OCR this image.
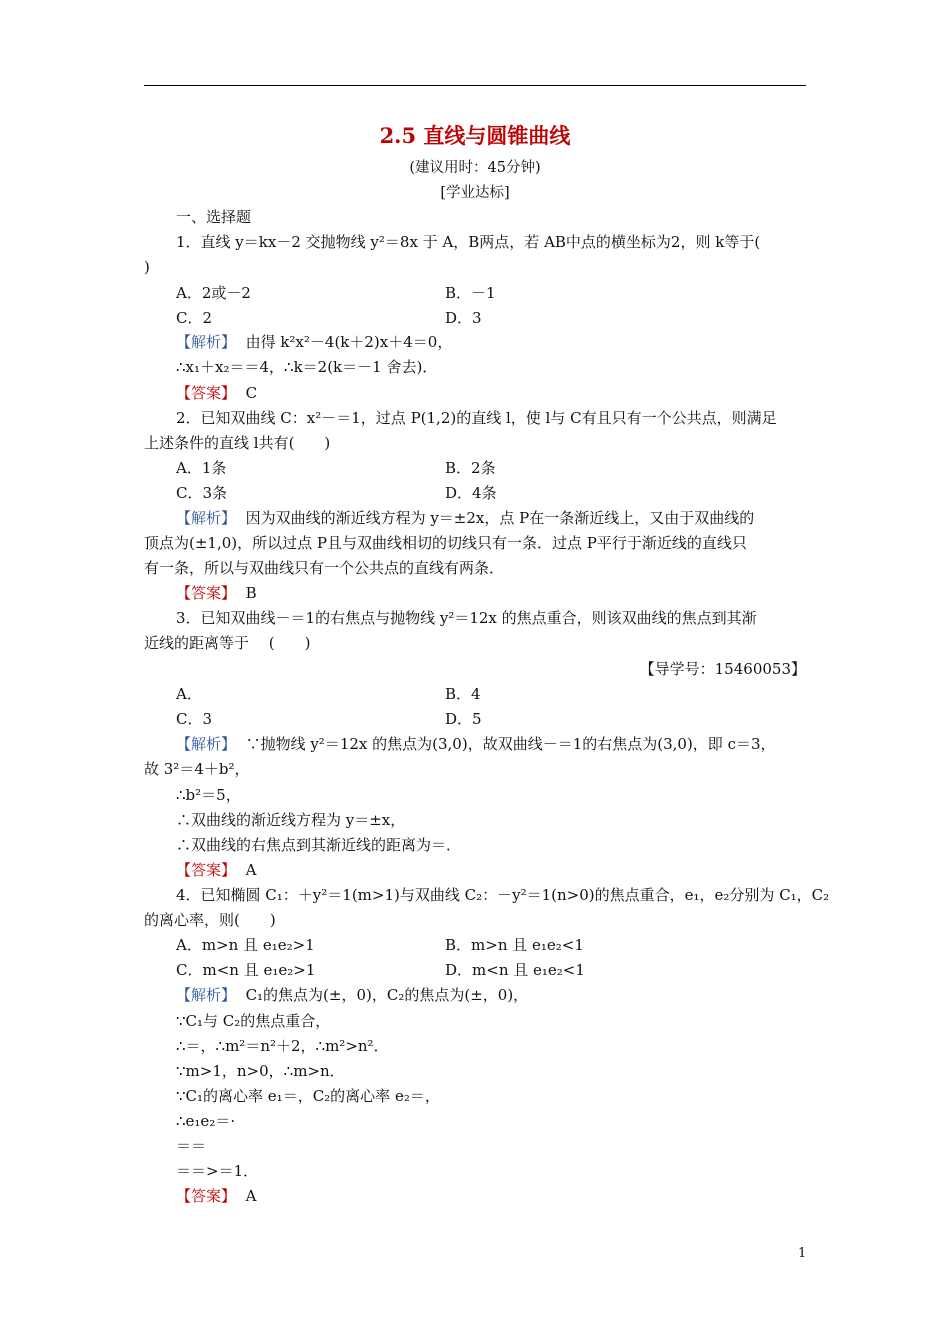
2.5 直线与圆锥曲线
(建议用时：45分钟)
[学业达标]
一、选择题
1．直线 y＝kx－2 交抛物线 y²＝8x 于 A，B两点，若 AB中点的横坐标为2，则 k等于(
)
A．2或－2	B．－1
C．2	D．3
【解析】 由得 k²x²－4(k＋2)x＋4＝0，
∴x₁＋x₂＝＝4，∴k＝2(k＝－1 舍去)．
【答案】 C
2．已知双曲线 C：x²－＝1，过点 P(1,2)的直线 l，使 l与 C有且只有一个公共点，则满足
上述条件的直线 l共有(　　)
A．1条	B．2条
C．3条	D．4条
【解析】 因为双曲线的渐近线方程为 y＝±2x，点 P在一条渐近线上，又由于双曲线的
顶点为(±1,0)，所以过点 P且与双曲线相切的切线只有一条．过点 P平行于渐近线的直线只
有一条，所以与双曲线只有一个公共点的直线有两条．
【答案】 B
3．已知双曲线－＝1的右焦点与抛物线 y²＝12x 的焦点重合，则该双曲线的焦点到其渐
近线的距离等于　 (　　)
【导学号：15460053】
A．	B．4
C．3	D．5
【解析】 ∵抛物线 y²＝12x 的焦点为(3,0)，故双曲线－＝1的右焦点为(3,0)，即 c＝3，
故 3²＝4＋b²，
∴b²＝5，
∴双曲线的渐近线方程为 y＝±x，
∴双曲线的右焦点到其渐近线的距离为＝．
【答案】 A
4．已知椭圆 C₁：＋y²＝1(m>1)与双曲线 C₂：－y²＝1(n>0)的焦点重合，e₁，e₂分别为 C₁，C₂
的离心率，则(　　)
A．m>n 且 e₁e₂>1	B．m>n 且 e₁e₂<1
C．m<n 且 e₁e₂>1	D．m<n 且 e₁e₂<1
【解析】 C₁的焦点为(±，0)，C₂的焦点为(±，0)，
∵C₁与 C₂的焦点重合，
∴＝，∴m²＝n²＋2，∴m²>n²．
∵m>1，n>0，∴m>n．
∵C₁的离心率 e₁＝，C₂的离心率 e₂＝，
∴e₁e₂＝·
＝＝
＝＝>＝1．
【答案】 A
1
